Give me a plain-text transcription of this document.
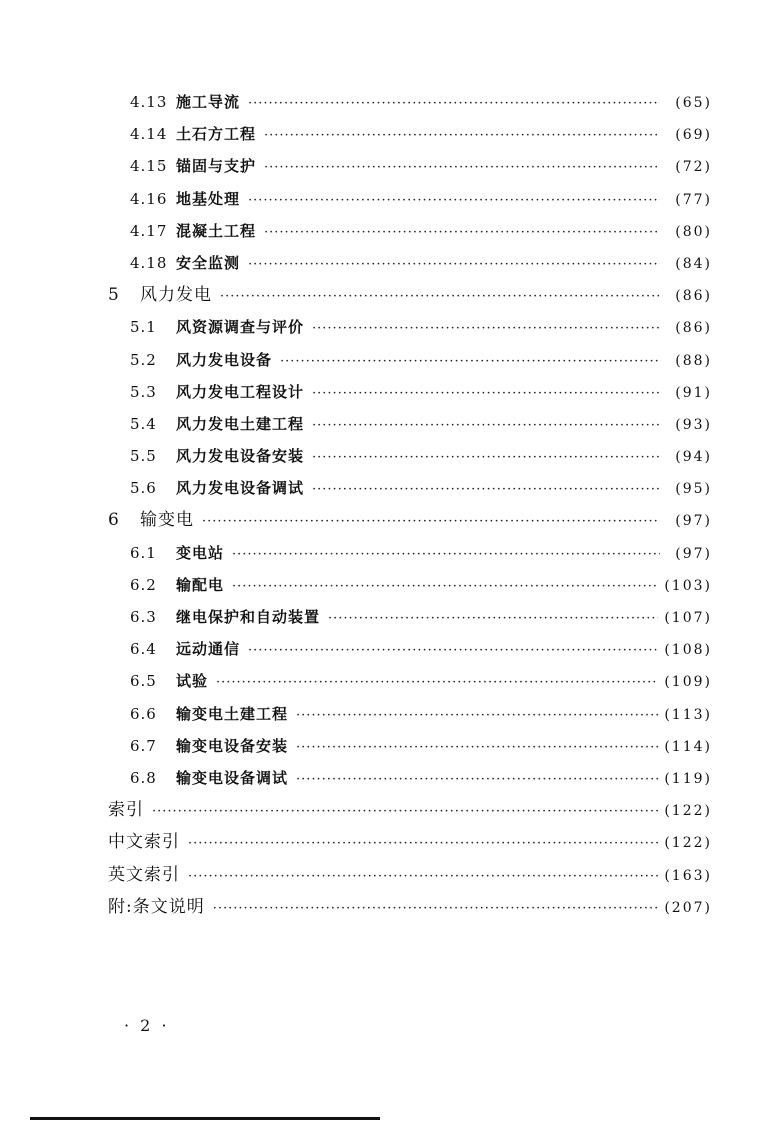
4.13 施工导流 ·····	(65)
4.14 土石方工程 ·····	(69)
4.15 锚固与支护 ·····	(72)
4.16 地基处理 ·····	(77)
4.17 混凝土工程 ·····	(80)
4.18 安全监测 ·····	(84)
5	风力发电 ·····	(86)
5.1	风资源调查与评价 ·····	(86)
5.2	风力发电设备 ·····	(88)
5.3	风力发电工程设计 ·····	(91)
5.4	风力发电土建工程 ·····	(93)
5.5	风力发电设备安装 ·····	(94)
5.6	风力发电设备调试 ·····	(95)
6	输变电 ·····	(97)
6.1	变电站 ·····	(97)
6.2	输配电 ·····	(103)
6.3	继电保护和自动装置 ·····	(107)
6.4	远动通信 ·····	(108)
6.5	试验 ·····	(109)
6.6	输变电土建工程 ·····	(113)
6.7	输变电设备安装 ·····	(114)
6.8	输变电设备调试 ·····	(119)
索引 ·····	(122)
中文索引 ·····	(122)
英文索引 ·····	(163)
附:条文说明 ·····	(207)
· 2 ·
